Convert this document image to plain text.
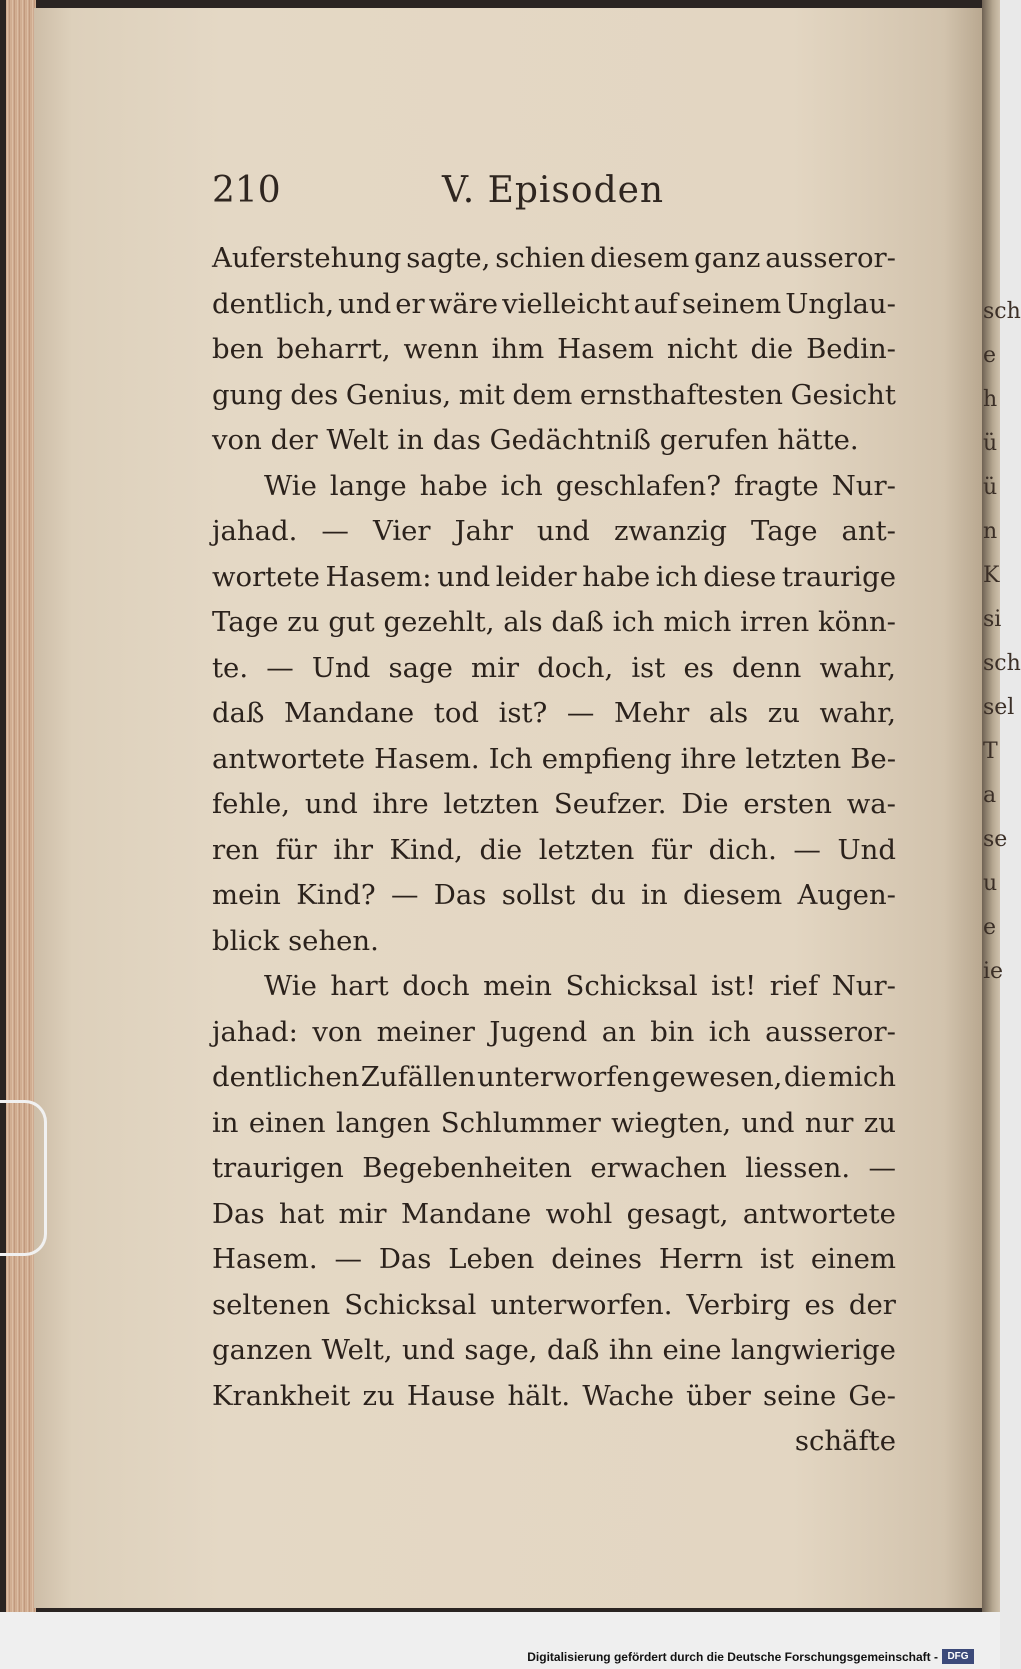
sch
e
h
ü
ü
n
K
si
sch
sel
T
a
se
u
e
ie
210	V. Episoden
Auferstehung sagte, schien diesem ganz ausseror-
dentlich, und er wäre vielleicht auf seinem Unglau-
ben beharrt, wenn ihm Hasem nicht die Bedin-
gung des Genius, mit dem ernsthaftesten Gesicht
von der Welt in das Gedächtniß gerufen hätte.
Wie lange habe ich geschlafen? fragte Nur-
jahad. — Vier Jahr und zwanzig Tage ant-
wortete Hasem: und leider habe ich diese traurige
Tage zu gut gezehlt, als daß ich mich irren könn-
te. — Und sage mir doch, ist es denn wahr,
daß Mandane tod ist? — Mehr als zu wahr,
antwortete Hasem. Ich empfieng ihre letzten Be-
fehle, und ihre letzten Seufzer. Die ersten wa-
ren für ihr Kind, die letzten für dich. — Und
mein Kind? — Das sollst du in diesem Augen-
blick sehen.
Wie hart doch mein Schicksal ist! rief Nur-
jahad: von meiner Jugend an bin ich ausseror-
dentlichen Zufällen unterworfen gewesen, die mich
in einen langen Schlummer wiegten, und nur zu
traurigen Begebenheiten erwachen liessen. —
Das hat mir Mandane wohl gesagt, antwortete
Hasem. — Das Leben deines Herrn ist einem
seltenen Schicksal unterworfen. Verbirg es der
ganzen Welt, und sage, daß ihn eine langwierige
Krankheit zu Hause hält. Wache über seine Ge-
schäfte
Digitalisierung gefördert durch die Deutsche Forschungsgemeinschaft - DFG
